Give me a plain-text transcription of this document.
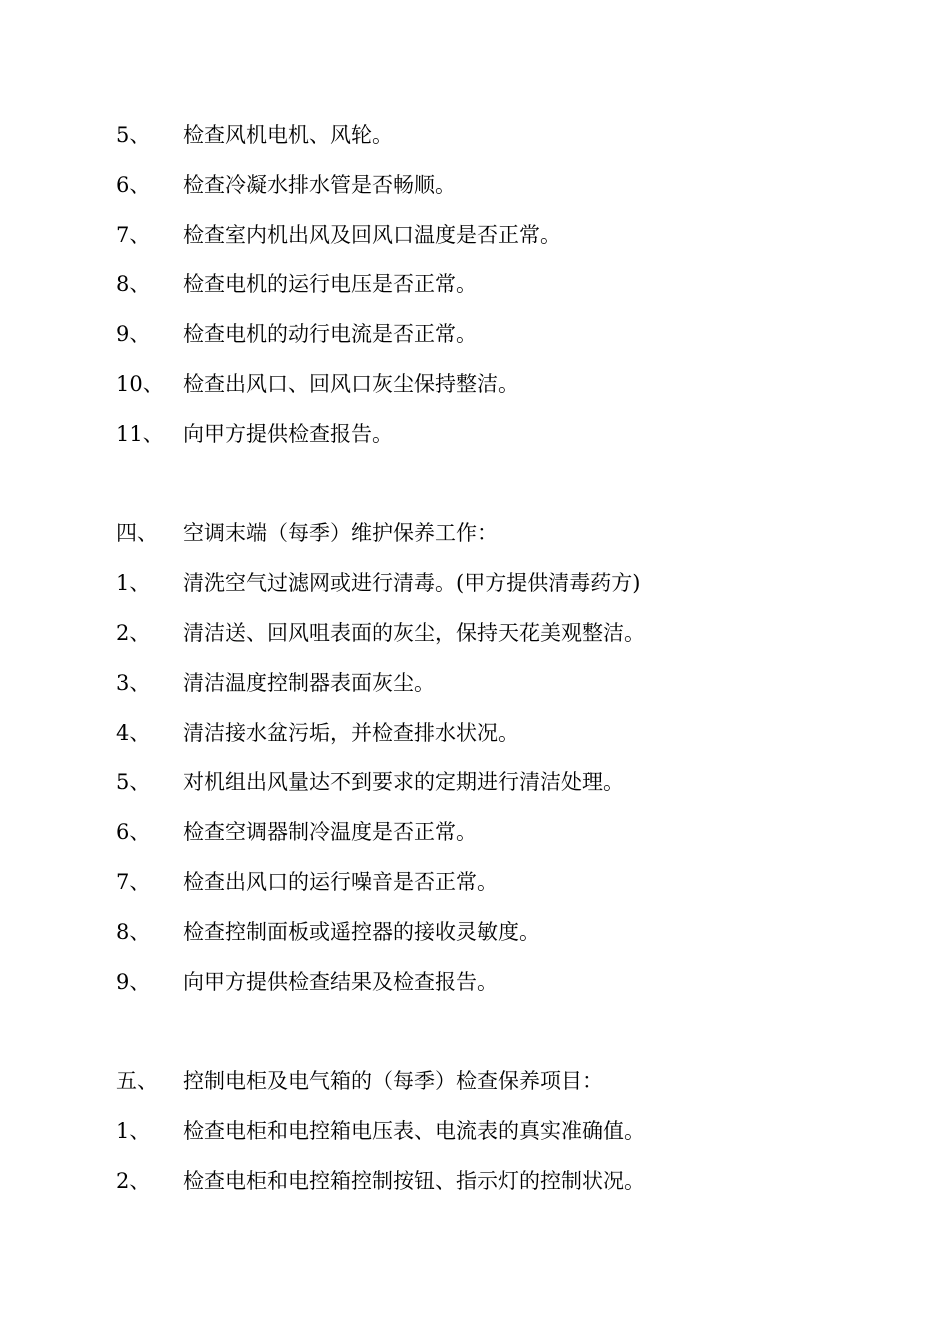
5、	检查风机电机、风轮。
6、	检查冷凝水排水管是否畅顺。
7、	检查室内机出风及回风口温度是否正常。
8、	检查电机的运行电压是否正常。
9、	检查电机的动行电流是否正常。
10、 检查出风口、回风口灰尘保持整洁。
11、 向甲方提供检查报告。
四、	空调末端（每季）维护保养工作：
1、	清洗空气过滤网或进行清毒。(甲方提供清毒药方)
2、	清洁送、回风咀表面的灰尘，保持天花美观整洁。
3、	清洁温度控制器表面灰尘。
4、	清洁接水盆污垢，并检查排水状况。
5、	对机组出风量达不到要求的定期进行清洁处理。
6、	检查空调器制冷温度是否正常。
7、	检查出风口的运行噪音是否正常。
8、	检查控制面板或遥控器的接收灵敏度。
9、	向甲方提供检查结果及检查报告。
五、	控制电柜及电气箱的（每季）检查保养项目：
1、	检查电柜和电控箱电压表、电流表的真实准确值。
2、	检查电柜和电控箱控制按钮、指示灯的控制状况。
